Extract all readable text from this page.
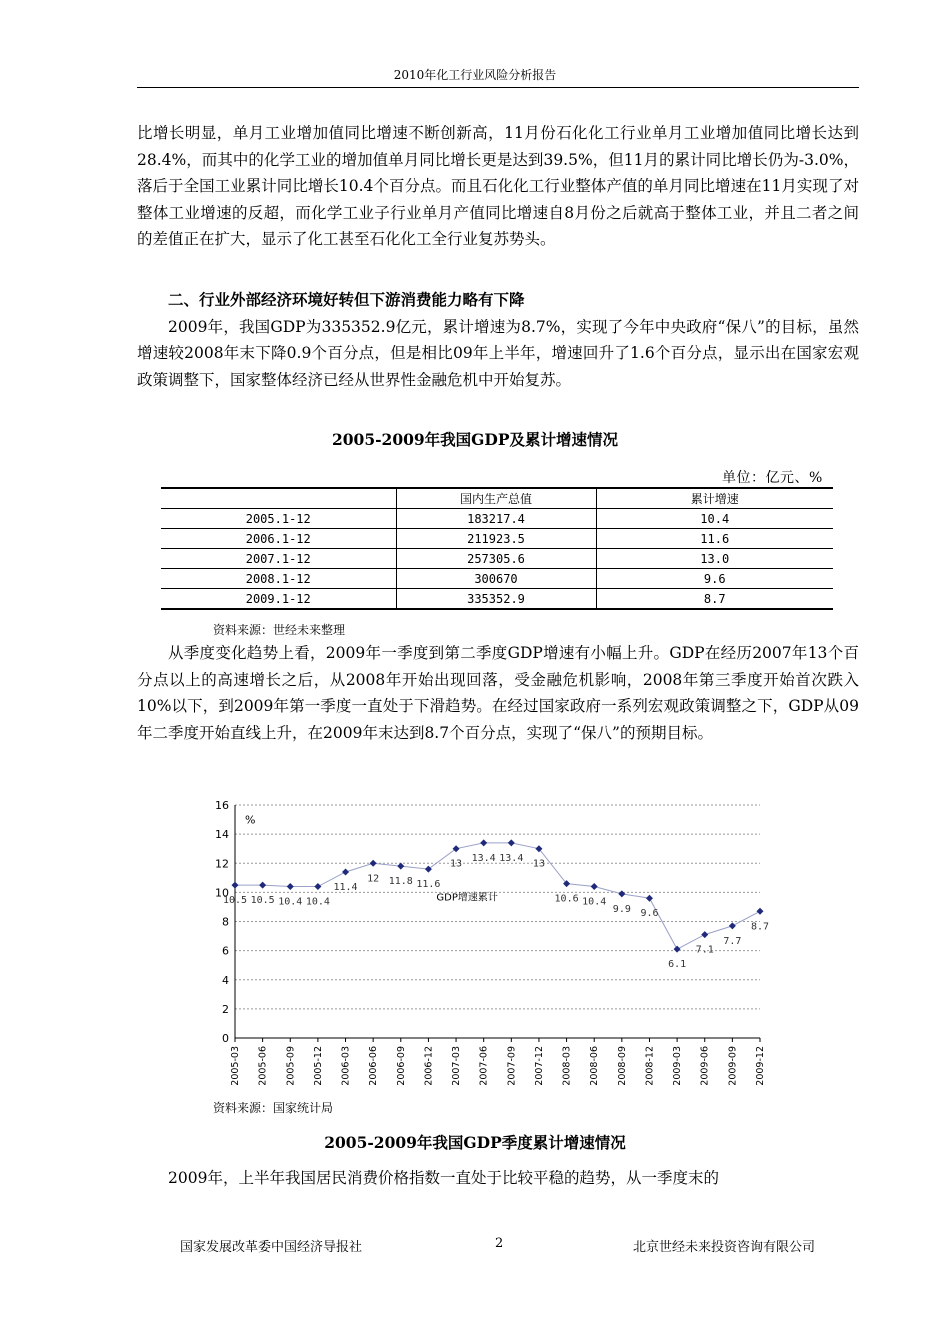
2010年化工行业风险分析报告

比增长明显，单月工业增加值同比增速不断创新高，11月份石化化工行业单月工业增加值同比增长达到28.4%，而其中的化学工业的增加值单月同比增长更是达到39.5%，但11月的累计同比增长仍为-3.0%，落后于全国工业累计同比增长10.4个百分点。而且石化化工行业整体产值的单月同比增速在11月实现了对整体工业增速的反超，而化学工业子行业单月产值同比增速自8月份之后就高于整体工业，并且二者之间的差值正在扩大，显示了化工甚至石化化工全行业复苏势头。

二、行业外部经济环境好转但下游消费能力略有下降

2009年，我国GDP为335352.9亿元，累计增速为8.7%，实现了今年中央政府“保八”的目标，虽然增速较2008年末下降0.9个百分点，但是相比09年上半年，增速回升了1.6个百分点，显示出在国家宏观政策调整下，国家整体经济已经从世界性金融危机中开始复苏。

2005-2009年我国GDP及累计增速情况
单位：亿元、%
	国内生产总值	累计增速
2005.1-12	183217.4	10.4
2006.1-12	211923.5	11.6
2007.1-12	257305.6	13.0
2008.1-12	300670	9.6
2009.1-12	335352.9	8.7
资料来源：世经未来整理

从季度变化趋势上看，2009年一季度到第二季度GDP增速有小幅上升。GDP在经历2007年13个百分点以上的高速增长之后，从2008年开始出现回落，受金融危机影响，2008年第三季度开始首次跌入10%以下，到2009年第一季度一直处于下滑趋势。在经过国家政府一系列宏观政策调整之下，GDP从09年二季度开始直线上升，在2009年末达到8.7个百分点，实现了“保八”的预期目标。

0
2
4
6
8
10
12
14
16
%
2005-03 2005-06 2005-09 2005-12 2006-03 2006-06 2006-09 2006-12 2007-03 2007-06 2007-09 2007-12 2008-03 2008-06 2008-09 2008-12 2009-03 2009-06 2009-09 2009-12
10.5 10.5 10.4 10.4
11.4
12 11.8 11.6
13
13.4 13.4
13
10.6 10.4
9.9 9.6
6.1
7.1
7.7
8.7
GDP增速累计
资料来源：国家统计局
2005-2009年我国GDP季度累计增速情况

2009年，上半年我国居民消费价格指数一直处于比较平稳的趋势，从一季度末的

国家发展改革委中国经济导报社	2	北京世经未来投资咨询有限公司
